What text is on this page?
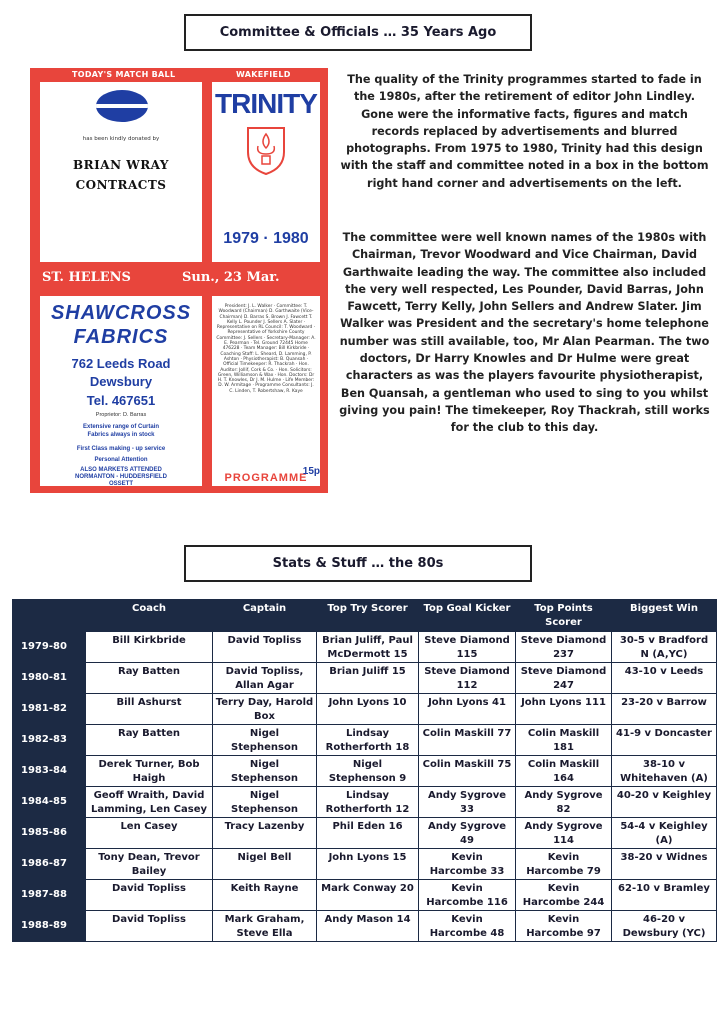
Committee & Officials … 35 Years Ago
TODAY'S MATCH BALL	WAKEFIELD
has been kindly donated by
BRIAN WRAY
CONTRACTS
TRINITY
1979 · 1980
ST. HELENS	Sun., 23 Mar.
SHAWCROSS
FABRICS
762 Leeds Road
Dewsbury
Tel. 467651
Proprietor: D. Barras
Extensive range of Curtain
Fabrics always in stock
First Class making - up service
Personal Attention
ALSO MARKETS ATTENDED
NORMANTON - HUDDERSFIELD
OSSETT
President: J. L. Walker · Committee: T. Woodward (Chairman) D. Garthwaite (Vice-Chairman) D. Barras S. Brown J. Fawcett T. Kelly L. Pounder J. Sellers A. Slater · Representative on RL Council: T. Woodward · Representative of Yorkshire County Committee: J. Sellers · Secretary-Manager: A. E. Pearman · Tel. Ground 72445 Home 476228 · Team Manager: Bill Kirkbride · Coaching Staff: L. Sheard, D. Lamming, P. Ashton · Physiotherapist: B. Quansah · Official Timekeeper: R. Thackrah · Hon. Auditor: Jollif, Cork & Co. · Hon. Solicitors: Green, Williamson & Wax · Hon. Doctors: Dr H. T. Knowles, Dr J. M. Hulme · Life Member: D. W. Armitage · Programme Consultants: J. C. Linden, T. Robertshaw, R. Kaye
PROGRAMME
15p
The quality of the Trinity programmes started to fade in the 1980s, after the retirement of editor John Lindley. Gone were the informative facts, figures and match records replaced by advertisements and blurred photographs. From 1975 to 1980, Trinity had this design with the staff and committee noted in a box in the bottom right hand corner and advertisements on the left.
The committee were well known names of the 1980s with Chairman, Trevor Woodward and Vice Chairman, David Garthwaite leading the way. The committee also included the very well respected, Les Pounder, David Barras, John Fawcett, Terry Kelly, John Sellers and Andrew Slater. Jim Walker was President and the secretary's home telephone number was still available, too, Mr Alan Pearman. The two doctors, Dr Harry Knowles and Dr Hulme were great characters as was the players favourite physiotherapist, Ben Quansah, a gentleman who used to sing to you whilst giving you pain! The timekeeper, Roy Thackrah, still works for the club to this day.
Stats & Stuff … the 80s
	Coach	Captain	Top Try Scorer	Top Goal Kicker	Top Points Scorer	Biggest Win
1979-80	Bill Kirkbride	David Topliss	Brian Juliff, Paul McDermott 15	Steve Diamond 115	Steve Diamond 237	30-5 v Bradford N (A,YC)
1980-81	Ray Batten	David Topliss, Allan Agar	Brian Juliff 15	Steve Diamond 112	Steve Diamond 247	43-10 v Leeds
1981-82	Bill Ashurst	Terry Day, Harold Box	John Lyons 10	John Lyons 41	John Lyons 111	23-20 v Barrow
1982-83	Ray Batten	Nigel Stephenson	Lindsay Rotherforth 18	Colin Maskill 77	Colin Maskill 181	41-9 v Doncaster
1983-84	Derek Turner, Bob Haigh	Nigel Stephenson	Nigel Stephenson 9	Colin Maskill 75	Colin Maskill 164	38-10 v Whitehaven (A)
1984-85	Geoff Wraith, David Lamming, Len Casey	Nigel Stephenson	Lindsay Rotherforth 12	Andy Sygrove 33	Andy Sygrove 82	40-20 v Keighley
1985-86	Len Casey	Tracy Lazenby	Phil Eden 16	Andy Sygrove 49	Andy Sygrove 114	54-4 v Keighley (A)
1986-87	Tony Dean, Trevor Bailey	Nigel Bell	John Lyons 15	Kevin Harcombe 33	Kevin Harcombe 79	38-20 v Widnes
1987-88	David Topliss	Keith Rayne	Mark Conway 20	Kevin Harcombe 116	Kevin Harcombe 244	62-10 v Bramley
1988-89	David Topliss	Mark Graham, Steve Ella	Andy Mason 14	Kevin Harcombe 48	Kevin Harcombe 97	46-20 v Dewsbury (YC)
